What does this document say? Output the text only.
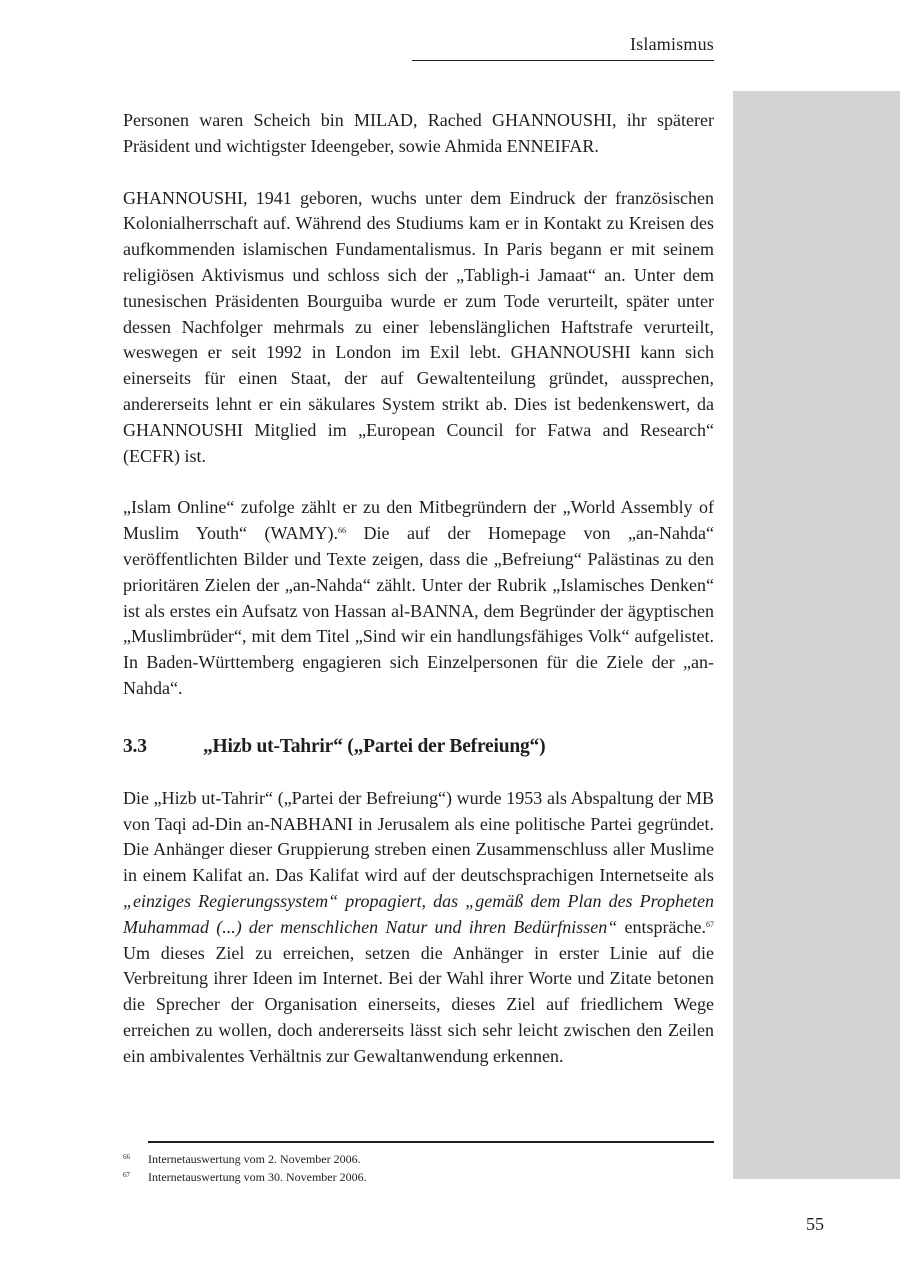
Islamismus

Personen waren Scheich bin MILAD, Rached GHANNOUSHI, ihr späterer Präsident und wichtigster Ideengeber, sowie Ahmida ENNEIFAR.

GHANNOUSHI, 1941 geboren, wuchs unter dem Eindruck der französischen Kolonialherrschaft auf. Während des Studiums kam er in Kontakt zu Kreisen des aufkommenden islamischen Fundamentalismus. In Paris begann er mit seinem religiösen Aktivismus und schloss sich der „Tabligh-i Jamaat“ an. Unter dem tunesischen Präsidenten Bourguiba wurde er zum Tode verurteilt, später unter dessen Nachfolger mehrmals zu einer lebenslänglichen Haftstrafe verurteilt, weswegen er seit 1992 in London im Exil lebt. GHANNOUSHI kann sich einerseits für einen Staat, der auf Gewaltenteilung gründet, aussprechen, andererseits lehnt er ein säkulares System strikt ab. Dies ist bedenkenswert, da GHANNOUSHI Mitglied im „European Council for Fatwa and Research“ (ECFR) ist.

„Islam Online“ zufolge zählt er zu den Mitbegründern der „World Assembly of Muslim Youth“ (WAMY).$^{66}$ Die auf der Homepage von „an-Nahda“ veröffentlichten Bilder und Texte zeigen, dass die „Befreiung“ Palästinas zu den prioritären Zielen der „an-Nahda“ zählt. Unter der Rubrik „Islamisches Denken“ ist als erstes ein Aufsatz von Hassan al-BANNA, dem Begründer der ägyptischen „Muslimbrüder“, mit dem Titel „Sind wir ein handlungsfähiges Volk“ aufgelistet. In Baden-Württemberg engagieren sich Einzelpersonen für die Ziele der „an-Nahda“.

3.3	„Hizb ut-Tahrir“ („Partei der Befreiung“)

Die „Hizb ut-Tahrir“ („Partei der Befreiung“) wurde 1953 als Abspaltung der MB von Taqi ad-Din an-NABHANI in Jerusalem als eine politische Partei gegründet. Die Anhänger dieser Gruppierung streben einen Zusammenschluss aller Muslime in einem Kalifat an. Das Kalifat wird auf der deutschsprachigen Internetseite als „einziges Regierungssystem“ propagiert, das „gemäß dem Plan des Propheten Muhammad (...) der menschlichen Natur und ihren Bedürfnissen“ entspräche.$^{67}$ Um dieses Ziel zu erreichen, setzen die Anhänger in erster Linie auf die Verbreitung ihrer Ideen im Internet. Bei der Wahl ihrer Worte und Zitate betonen die Sprecher der Organisation einerseits, dieses Ziel auf friedlichem Wege erreichen zu wollen, doch andererseits lässt sich sehr leicht zwischen den Zeilen ein ambivalentes Verhältnis zur Gewaltanwendung erkennen.

66	Internetauswertung vom 2. November 2006.
67	Internetauswertung vom 30. November 2006.
55
